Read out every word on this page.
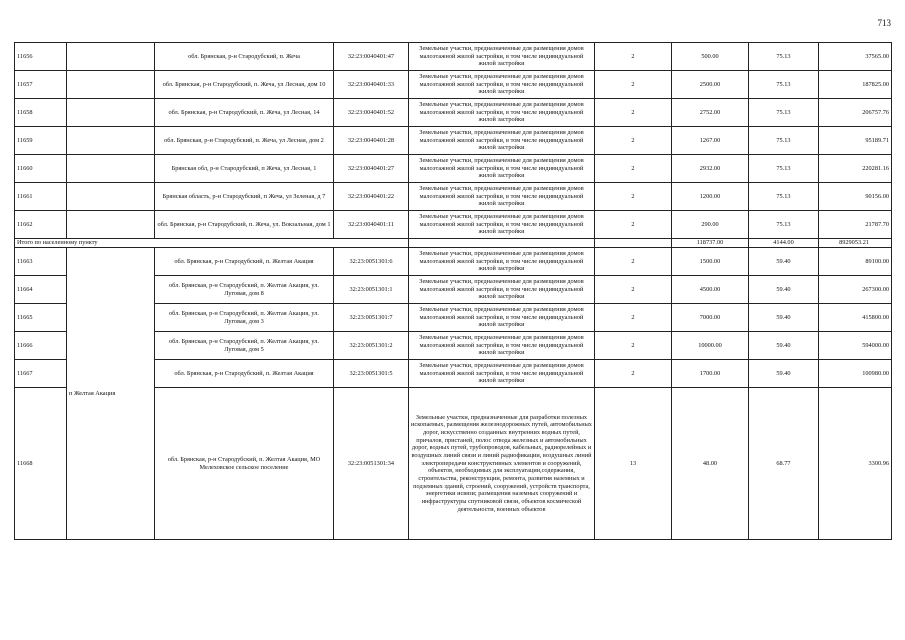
713
11656		обл. Брянская, р-н Стародубский, п. Жеча	32:23:0040401:47	Земельные участки, предназначенные для размещения домов малоэтажной жилой застройки, в том числе индивидуальной жилой застройки	2	500.00	75.13	37565.00
11657		обл. Брянская, р-н Стародубский, п. Жеча, ул Лесная, дом 10	32:23:0040401:33	Земельные участки, предназначенные для размещения домов малоэтажной жилой застройки, в том числе индивидуальной жилой застройки	2	2500.00	75.13	187825.00
11658		обл. Брянская, р-н Стародубский, п. Жеча, ул Лесная, 14	32:23:0040401:52	Земельные участки, предназначенные для размещения домов малоэтажной жилой застройки, в том числе индивидуальной жилой застройки	2	2752.00	75.13	206757.76
11659		обл. Брянская, р-н Стародубский, п. Жеча, ул Лесная, дом 2	32:23:0040401:28	Земельные участки, предназначенные для размещения домов малоэтажной жилой застройки, в том числе индивидуальной жилой застройки	2	1267.00	75.13	95189.71
11660		Брянская обл, р-н Стародубский, п Жеча, ул Лесная, 1	32:23:0040401:27	Земельные участки, предназначенные для размещения домов малоэтажной жилой застройки, в том числе индивидуальной жилой застройки	2	2932.00	75.13	220281.16
11661		Брянская область, р-н Стародубский, п Жеча, ул Зеленая, д 7	32:23:0040401:22	Земельные участки, предназначенные для размещения домов малоэтажной жилой застройки, в том числе индивидуальной жилой застройки	2	1200.00	75.13	90156.00
11662		обл. Брянская, р-н Стародубский, п. Жеча, ул. Вокзальная, дом 1	32:23:0040401:11	Земельные участки, предназначенные для размещения домов малоэтажной жилой застройки, в том числе индивидуальной жилой застройки	2	290.00	75.13	21787.70
Итого по населенному пункту						118737.00	4144.00	8929053.21
11663	п Желтая Акация	обл. Брянская, р-н Стародубский, п. Желтая Акация	32:23:0051301:6	Земельные участки, предназначенные для размещения домов малоэтажной жилой застройки, в том числе индивидуальной жилой застройки	2	1500.00	59.40	89100.00
11664		обл. Брянская, р-н Стародубский, п. Желтая Акация, ул. Луговая, дом 8	32:23:0051301:1	Земельные участки, предназначенные для размещения домов малоэтажной жилой застройки, в том числе индивидуальной жилой застройки	2	4500.00	59.40	267300.00
11665		обл. Брянская, р-н Стародубский, п. Желтая Акация, ул. Луговая, дом 3	32:23:0051301:7	Земельные участки, предназначенные для размещения домов малоэтажной жилой застройки, в том числе индивидуальной жилой застройки	2	7000.00	59.40	415800.00
11666		обл. Брянская, р-н Стародубский, п. Желтая Акация, ул. Луговая, дом 5	32:23:0051301:2	Земельные участки, предназначенные для размещения домов малоэтажной жилой застройки, в том числе индивидуальной жилой застройки	2	10000.00	59.40	594000.00
11667		обл. Брянская, р-н Стародубский, п. Желтая Акация	32:23:0051301:5	Земельные участки, предназначенные для размещения домов малоэтажной жилой застройки, в том числе индивидуальной жилой застройки	2	1700.00	59.40	100980.00
11668		обл. Брянская, р-н Стародубский, п. Желтая Акация, МО Мелеховское сельское поселение	32:23:0051301:34	Земельные участки, предназначенные для разработки полезных ископаемых, размещения железнодорожных путей, автомобильных дорог, искусственно созданных внутренних водных путей, причалов, пристаней, полос отвода железных и автомобильных дорог, водных путей, трубопроводов, кабельных, радиорелейных и воздушных линий связи и линий радиофикации, воздушных линий электропередачи конструктивных элементов и сооружений, объектов, необходимых для эксплуатации,содержания, строительства, реконструкции, ремонта, развития наземных и подземных зданий, строений, сооружений, устройств транспорта, энергетики исвязи; размещения наземных сооружений и инфраструктуры спутниковой связи, объектов космической деятельности, военных объектов	13	48.00	68.77	3300.96
